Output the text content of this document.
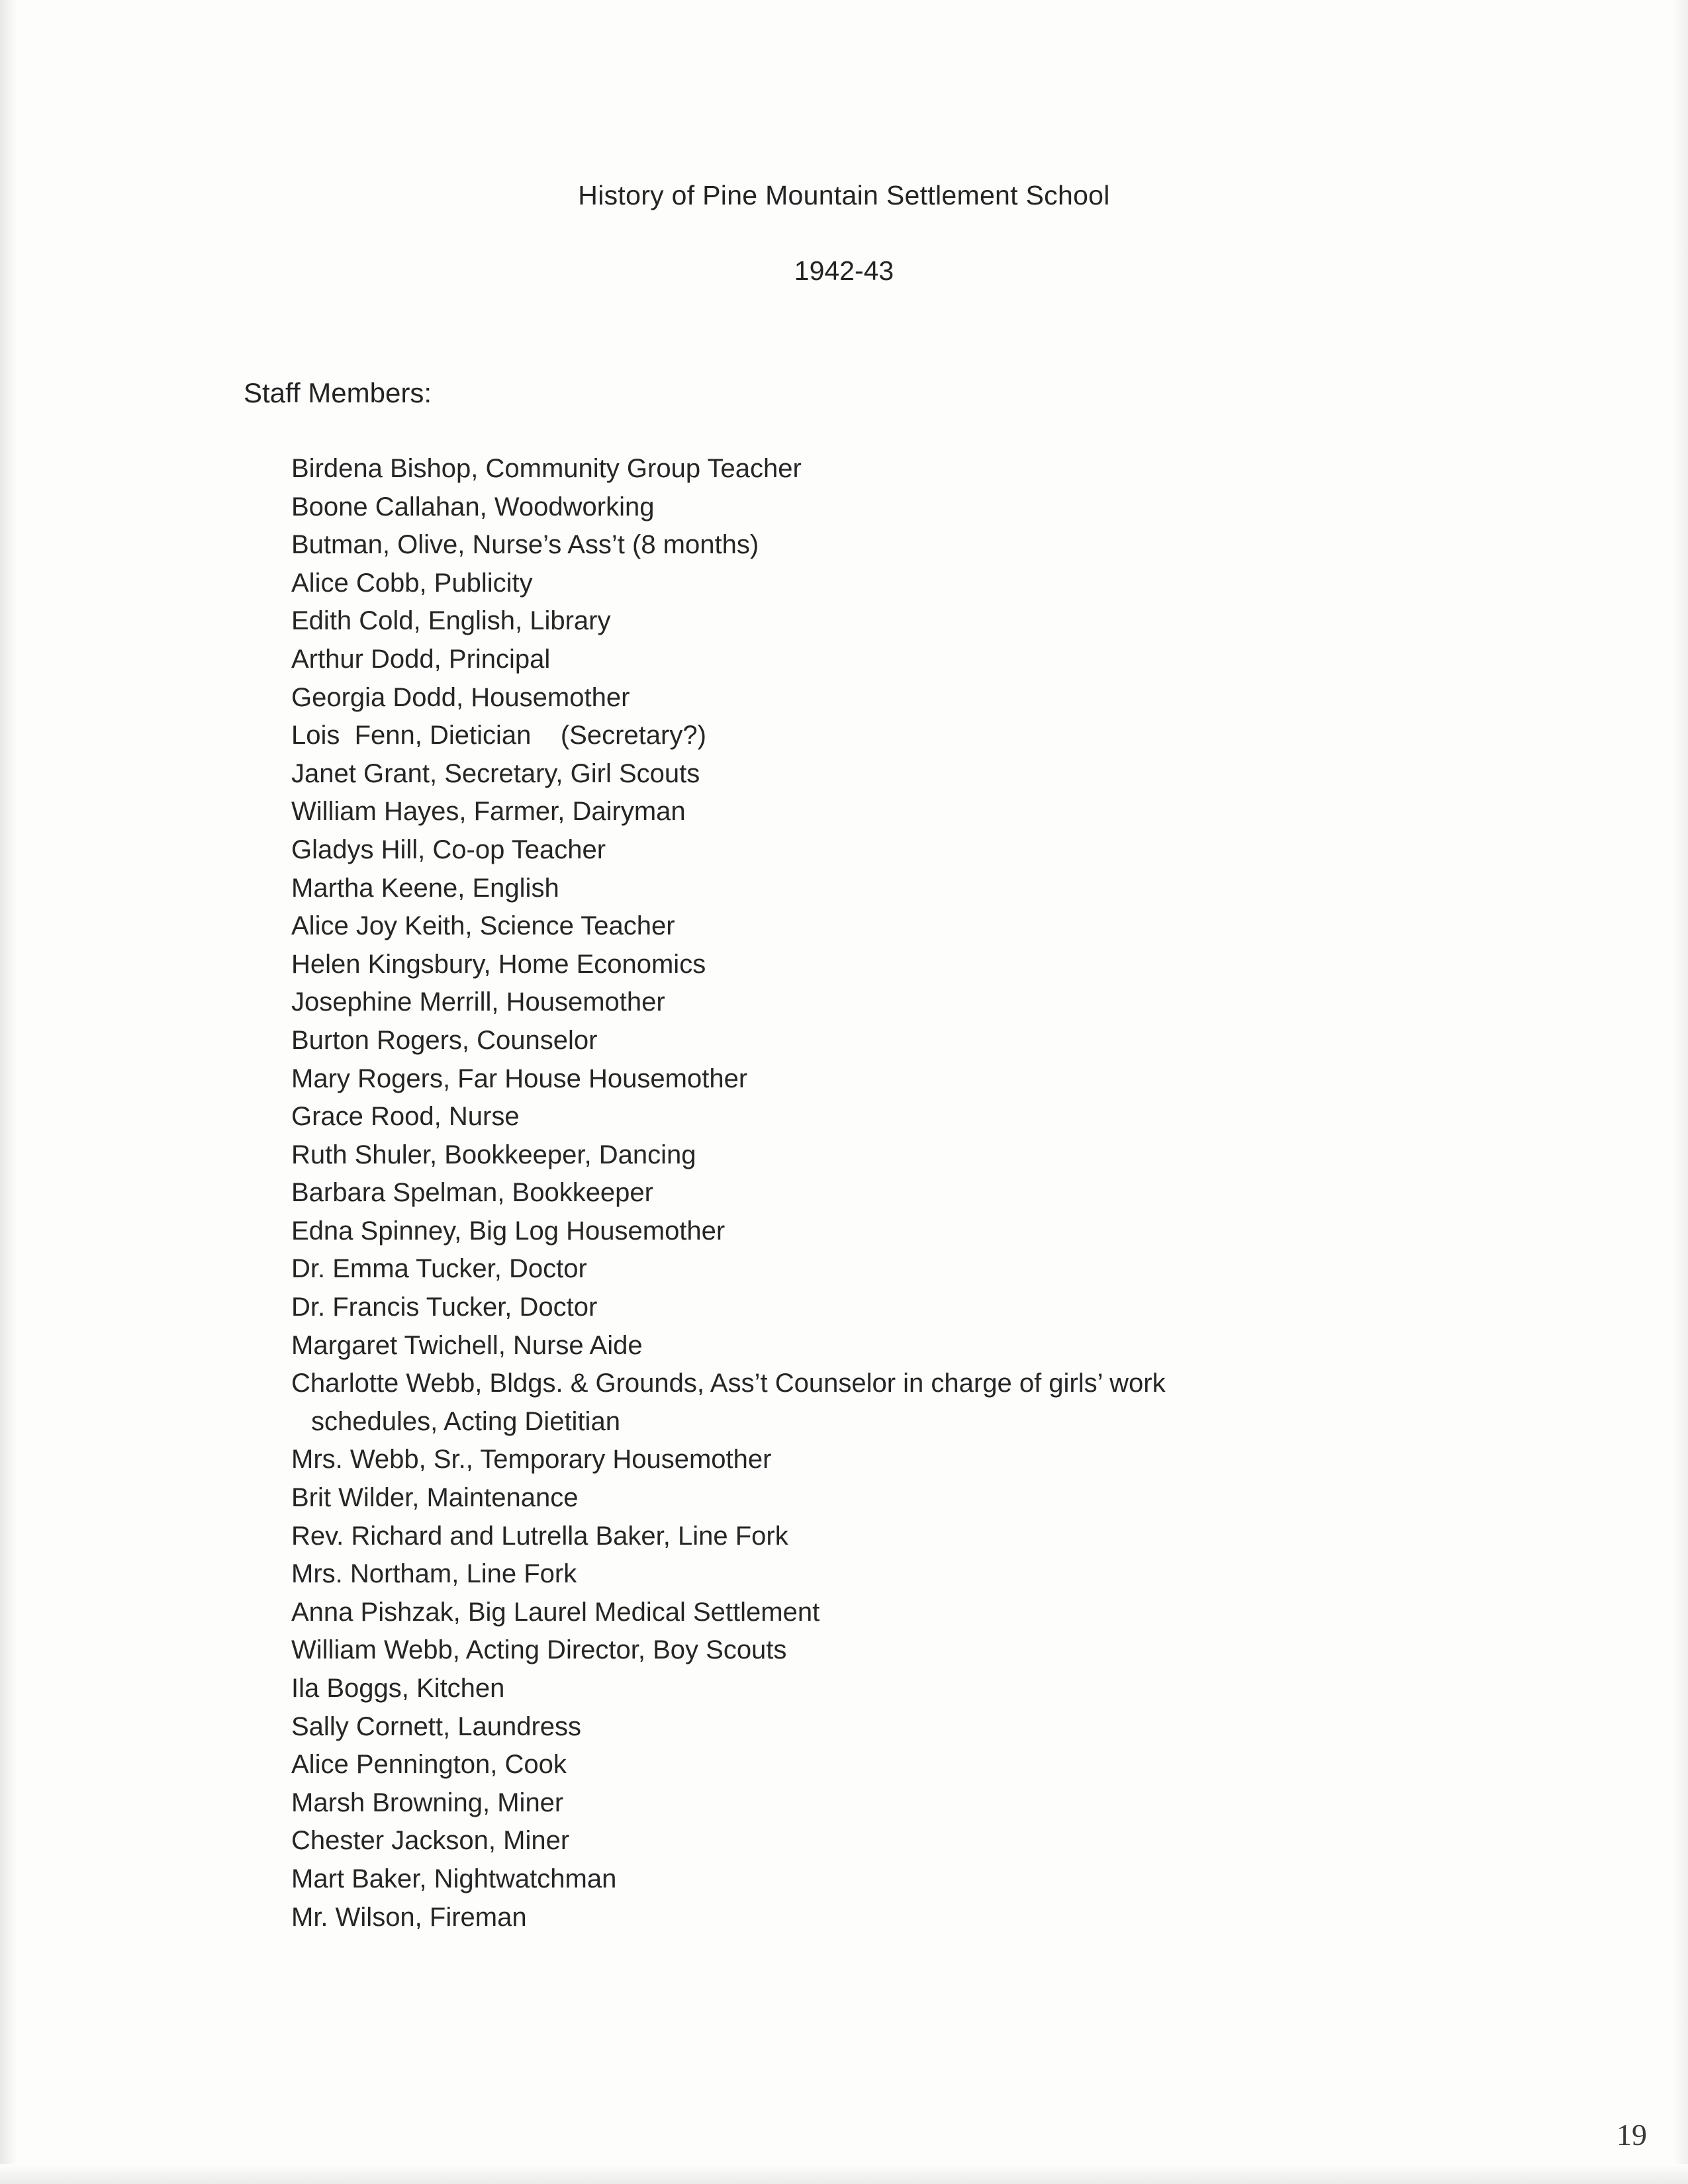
History of Pine Mountain Settlement School
1942-43
Staff Members:
Birdena Bishop, Community Group Teacher
Boone Callahan, Woodworking
Butman, Olive, Nurse’s Ass’t (8 months)
Alice Cobb, Publicity
Edith Cold, English, Library
Arthur Dodd, Principal
Georgia Dodd, Housemother
Lois  Fenn, Dietician    (Secretary?)
Janet Grant, Secretary, Girl Scouts
William Hayes, Farmer, Dairyman
Gladys Hill, Co-op Teacher
Martha Keene, English
Alice Joy Keith, Science Teacher
Helen Kingsbury, Home Economics
Josephine Merrill, Housemother
Burton Rogers, Counselor
Mary Rogers, Far House Housemother
Grace Rood, Nurse
Ruth Shuler, Bookkeeper, Dancing
Barbara Spelman, Bookkeeper
Edna Spinney, Big Log Housemother
Dr. Emma Tucker, Doctor
Dr. Francis Tucker, Doctor
Margaret Twichell, Nurse Aide
Charlotte Webb, Bldgs. & Grounds, Ass’t Counselor in charge of girls’ work
schedules, Acting Dietitian
Mrs. Webb, Sr., Temporary Housemother
Brit Wilder, Maintenance
Rev. Richard and Lutrella Baker, Line Fork
Mrs. Northam, Line Fork
Anna Pishzak, Big Laurel Medical Settlement
William Webb, Acting Director, Boy Scouts
Ila Boggs, Kitchen
Sally Cornett, Laundress
Alice Pennington, Cook
Marsh Browning, Miner
Chester Jackson, Miner
Mart Baker, Nightwatchman
Mr. Wilson, Fireman
19
